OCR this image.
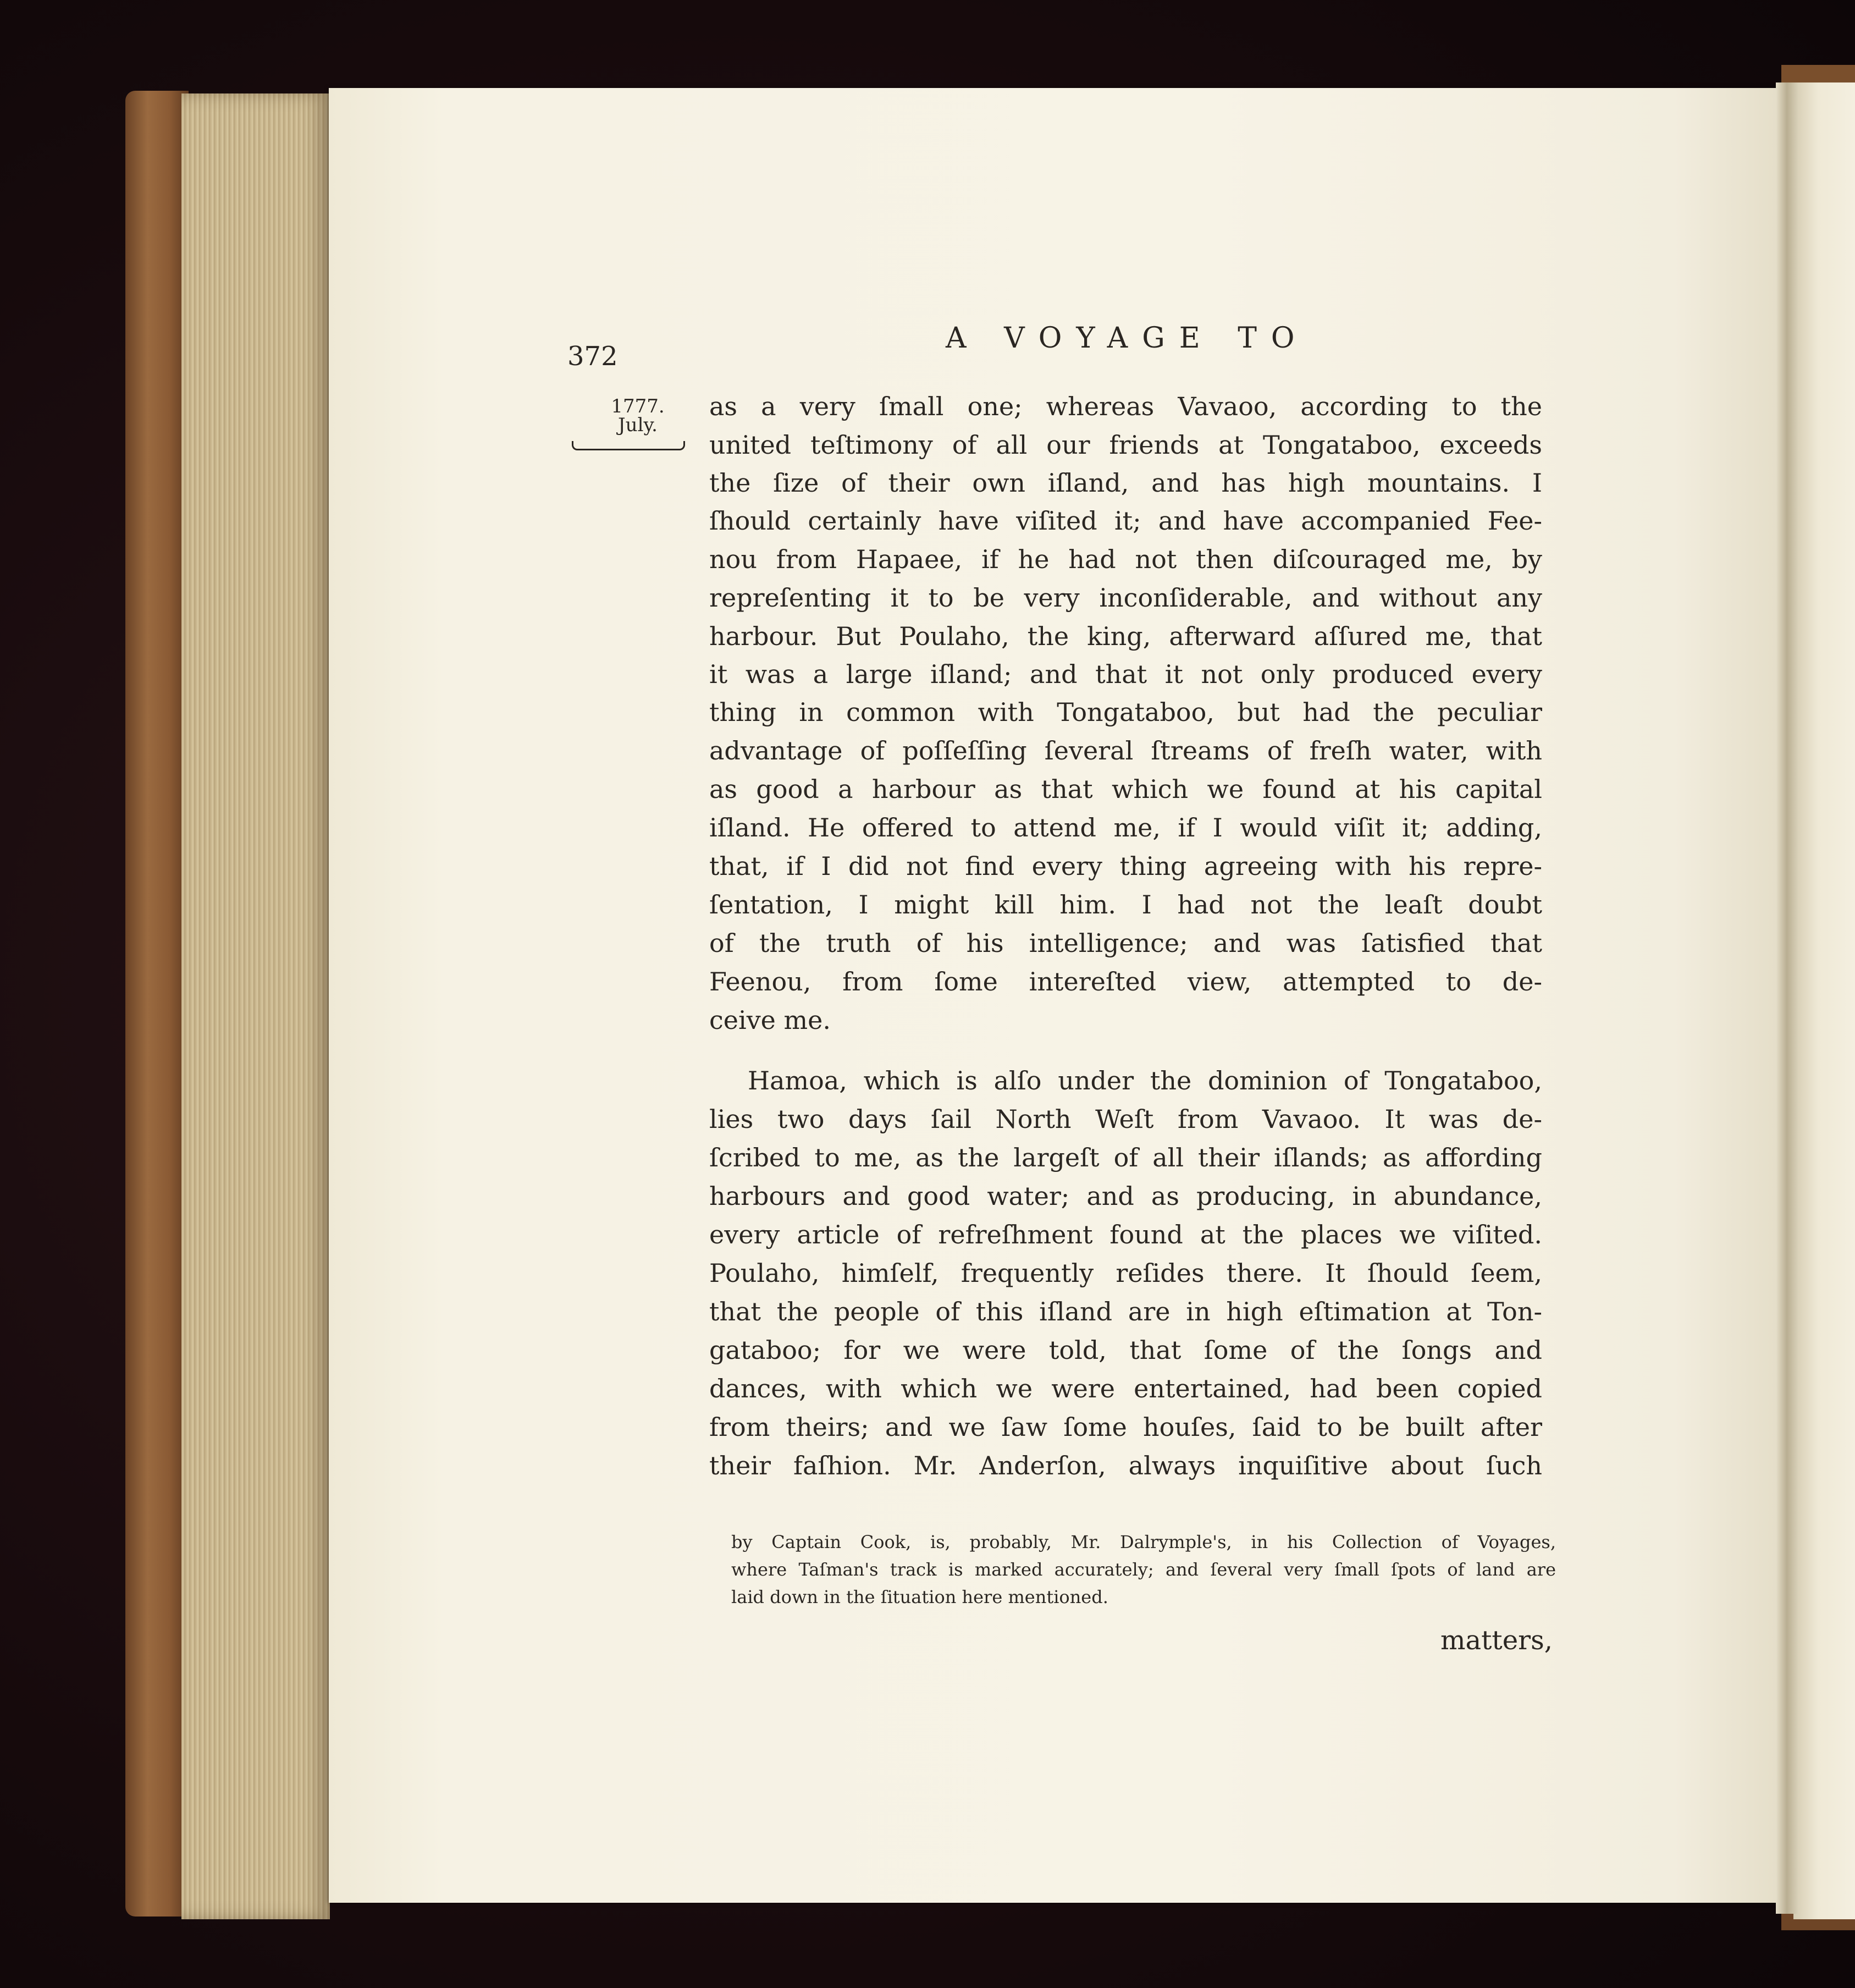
372

A VOYAGE TO

1777.
July.

as a very ſmall one; whereas Vavaoo, according to the

united teſtimony of all our friends at Tongataboo, exceeds

the ſize of their own iſland, and has high mountains. I

ſhould certainly have viſited it; and have accompanied Fee-

nou from Hapaee, if he had not then diſcouraged me, by

repreſenting it to be very inconſiderable, and without any

harbour. But Poulaho, the king, afterward aſſured me, that

it was a large iſland; and that it not only produced every

thing in common with Tongataboo, but had the peculiar

advantage of poſſeſſing ſeveral ſtreams of freſh water, with

as good a harbour as that which we found at his capital

iſland. He offered to attend me, if I would viſit it; adding,

that, if I did not find every thing agreeing with his repre-

ſentation, I might kill him. I had not the leaſt doubt

of the truth of his intelligence; and was ſatisfied that

Feenou, from ſome intereſted view, attempted to de-

ceive me.

Hamoa, which is alſo under the dominion of Tongataboo,

lies two days ſail North Weſt from Vavaoo. It was de-

ſcribed to me, as the largeſt of all their iſlands; as affording

harbours and good water; and as producing, in abundance,

every article of refreſhment found at the places we viſited.

Poulaho, himſelf, frequently reſides there. It ſhould ſeem,

that the people of this iſland are in high eſtimation at Ton-

gataboo; for we were told, that ſome of the ſongs and

dances, with which we were entertained, had been copied

from theirs; and we ſaw ſome houſes, ſaid to be built after

their faſhion. Mr. Anderſon, always inquiſitive about ſuch

by Captain Cook, is, probably, Mr. Dalrymple's, in his Collection of Voyages,

where Taſman's track is marked accurately; and ſeveral very ſmall ſpots of land are

laid down in the ſituation here mentioned.

matters,
